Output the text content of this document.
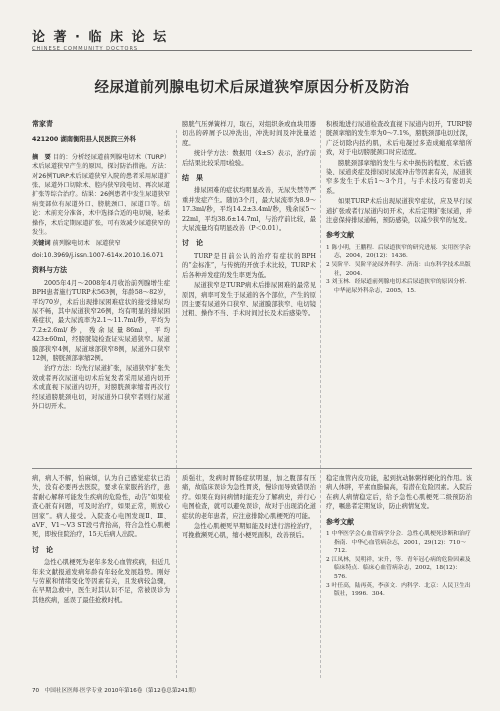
论 著 · 临 床 论 坛
CHINESE COMMUNITY DOCTORS
经尿道前列腺电切术后尿道狭窄原因分析及防治
常家青
421200 湖南衡阳县人民医院三外科
摘　要 目的：分析经尿道前列腺电切术（TURP）术后尿道狭窄产生的原因，探讨防治措施。方法：对26例TURP术后尿道狭窄入院的患者采用尿道扩张、尿道外口切除术、腔内狭窄段电切、再次尿道扩张等综合治疗。结果：26例患者中发生尿道狭窄病变部位有尿道外口、膀胱颈口、尿道口等。结论：术前充分准备，术中选择合适的电切镜，轻柔操作，术后定期尿道扩张，可有效减少尿道狭窄的发生。
关键词 前列腺电切术　尿道狭窄
doi:10.3969/j.issn.1007-614x.2010.16.071
资料与方法

2005年4月～2008年4月收治前列腺增生症BPH患者施行TURP术563例，年龄58～82岁，平均70岁，术后出现排尿困难症状的接受排尿均尿不畅，其中尿道狭窄26例，均有明显的排尿困难症状，最大尿流率为2.1～11.7ml/秒，平均为7.2±2.6ml/秒，残余尿量86ml，平均423±60ml，经膀胱镜检查证实尿道狭窄。尿道膜部狭窄4例，尿道球部狭窄8例，尿道外口狭窄12例，膀胱颈部挛缩2例。

治疗方法：均先行尿道扩张，尿道狭窄扩张失效或者再次尿道电切术后复发者采用尿道内切开术或直视下尿道内切开，对膀胱颈挛缩者再次行经尿道膀胱颈电切，对尿道外口狭窄者则行尿道外口切开术。

膀胱气压弹簧样刀，取石，对组织条或血块用器切出的碎屑予以冲洗出，冲洗时间及冲洗量适度。

统计学方法：数据用（x̄±S）表示，治疗前后结果比较采用t检验。

结　果

排尿困难的症状均明显改善，无尿失禁等严重并发症产生。随访3个月，最大尿流率为8.9～17.3ml/秒，平均14.2±3.4ml/秒，残余尿5～22ml，平均38.6±14.7ml，与治疗前比较，最大尿流量均有明显改善（P＜0.01）。

讨　论

TURP是目前公认的治疗有症状的BPH的“金标准”，与传统的开放手术比较，TURP术后各种并发症的发生率更为低。

尿道狭窄是TURP病术后排尿困难的最常见原因，病率可发生于尿道的各个部位，产生的原因主要有尿道外口狭窄、尿道膜部狭窄、电切镜过粗、操作不当、手术时间过长及术后感染等。

积极地进行尿道检查改直视下尿道内切开，TURP膀胱颈挛缩的发生率为0～7.1%，膀胱颈部电切过深，广泛切除内括约肌，术后电凝过多造成瘢痕挛缩所致，对于电切膀胱颈口时应适度。

膀胱颈部挛缩的发生与术中损伤的程度、术后感染、尿道炎症及排尿时尿流冲击等因素有关，尿道狭窄多发生于术后1～3个月，与手术技巧有密切关系。

如果TURP术后出现尿道狭窄症状，应及早行尿道扩张或者行尿道内切开术，术后定期扩张尿道，并注意保持排尿通畅，预防感染，以减少狭窄的复发。

参考文献
1 陈小明，王鹏程．后尿道狭窄的研究进展．实用医学杂志，2004，20(12)：1436．
2 吴阶平．吴阶平泌尿外科学．济南：山东科学技术出版社，2004．
3 刘玉林．经尿道前列腺电切术后尿道狭窄的原因分析．中华泌尿外科杂志，2005，15．

病，病人不解，怕麻烦，认为自己感觉症状已消失，没有必要再去医院，要求在家服药治疗，患者耐心解释可能发生疾病的危险性，动告“如果检查心脏有问题，可及时治疗，如果正常，则放心回家”。病人接受。入院查心电图发现Ⅱ、Ⅲ、aVF、V1～V3 ST段弓背抬高，符合急性心肌梗死，即按住院治疗，15天后病人出院。

讨　论

急性心肌梗死为老年多发心血管疾病，但近几年来文献报道发病年龄有年轻化发展趋势。刚好与劳累和情绪变化等因素有关，且发病较急骤，在早期急救中，医生对其认识不足，常被误诊为其他疾病，延误了最佳抢救时机。

质强壮，发病时胃肠症状明显，加之腹部有压痛，故临床误诊为急性胃炎，慢诊而导致错误治疗。如果在询问病情时能充分了解病史，并行心电图检查，就可以避免误诊，故对于出现消化道症状的老年患者，应注意排除心肌梗死的可能。

急性心肌梗死早期如能及时进行溶栓治疗，可挽救濒死心肌，缩小梗死面积，改善预后。

稳定血管内皮功能，起到抗动脉粥样硬化的作用。该病人体胖，平素血脂偏高，有潜在危险因素。入院后在病人病情稳定后，给予急性心肌梗死二级预防治疗，嘱患者定期复诊，防止病情复发。

参考文献
1 中华医学会心血管病学分会．急性心肌梗死诊断和治疗指南．中华心血管病杂志，2001，29(12)：710～712．
2 江凤林，吴明祥，宋升，等．青年冠心病的危险因素及临床特点．临床心血管病杂志，2002，18(12)：576．
3 叶任高，陆再英，李彦文．内科学．北京：人民卫生出版社，1996．304．
70　中国社区医师·医学专业 2010年第16卷（第12卷总第241期）
